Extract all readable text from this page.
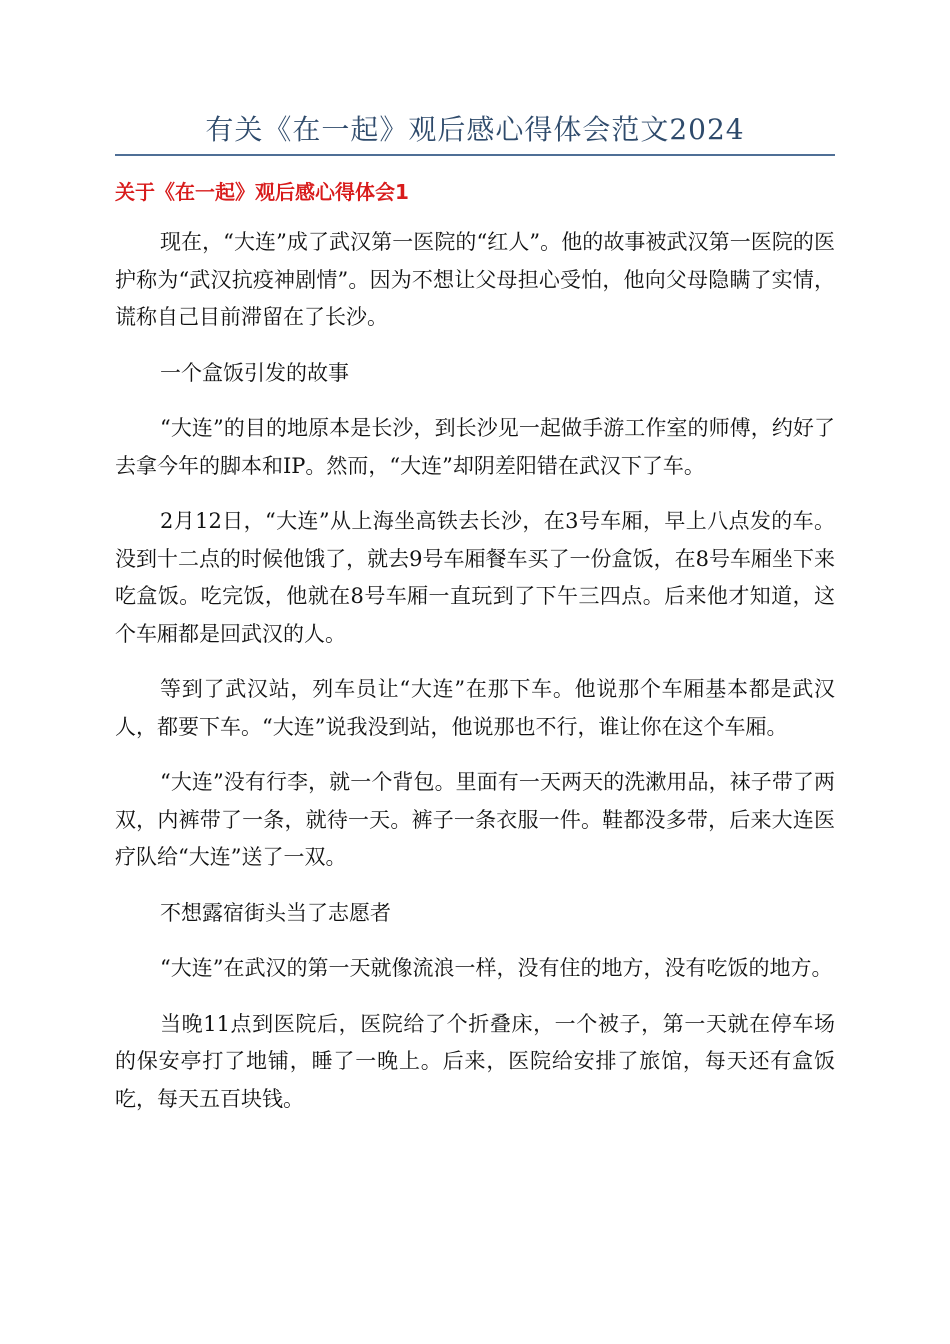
有关《在一起》观后感心得体会范文2024
关于《在一起》观后感心得体会1

现在，“大连”成了武汉第一医院的“红人”。他的故事被武汉第一医院的医护称为“武汉抗疫神剧情”。因为不想让父母担心受怕，他向父母隐瞒了实情，谎称自己目前滞留在了长沙。

一个盒饭引发的故事

“大连”的目的地原本是长沙，到长沙见一起做手游工作室的师傅，约好了去拿今年的脚本和IP。然而，“大连”却阴差阳错在武汉下了车。

2月12日，“大连”从上海坐高铁去长沙，在3号车厢，早上八点发的车。没到十二点的时候他饿了，就去9号车厢餐车买了一份盒饭，在8号车厢坐下来吃盒饭。吃完饭，他就在8号车厢一直玩到了下午三四点。后来他才知道，这个车厢都是回武汉的人。

等到了武汉站，列车员让“大连”在那下车。他说那个车厢基本都是武汉人，都要下车。“大连”说我没到站，他说那也不行，谁让你在这个车厢。

“大连”没有行李，就一个背包。里面有一天两天的洗漱用品，袜子带了两双，内裤带了一条，就待一天。裤子一条衣服一件。鞋都没多带，后来大连医疗队给“大连”送了一双。

不想露宿街头当了志愿者

“大连”在武汉的第一天就像流浪一样，没有住的地方，没有吃饭的地方。

当晚11点到医院后，医院给了个折叠床，一个被子，第一天就在停车场的保安亭打了地铺，睡了一晚上。后来，医院给安排了旅馆，每天还有盒饭吃，每天五百块钱。
